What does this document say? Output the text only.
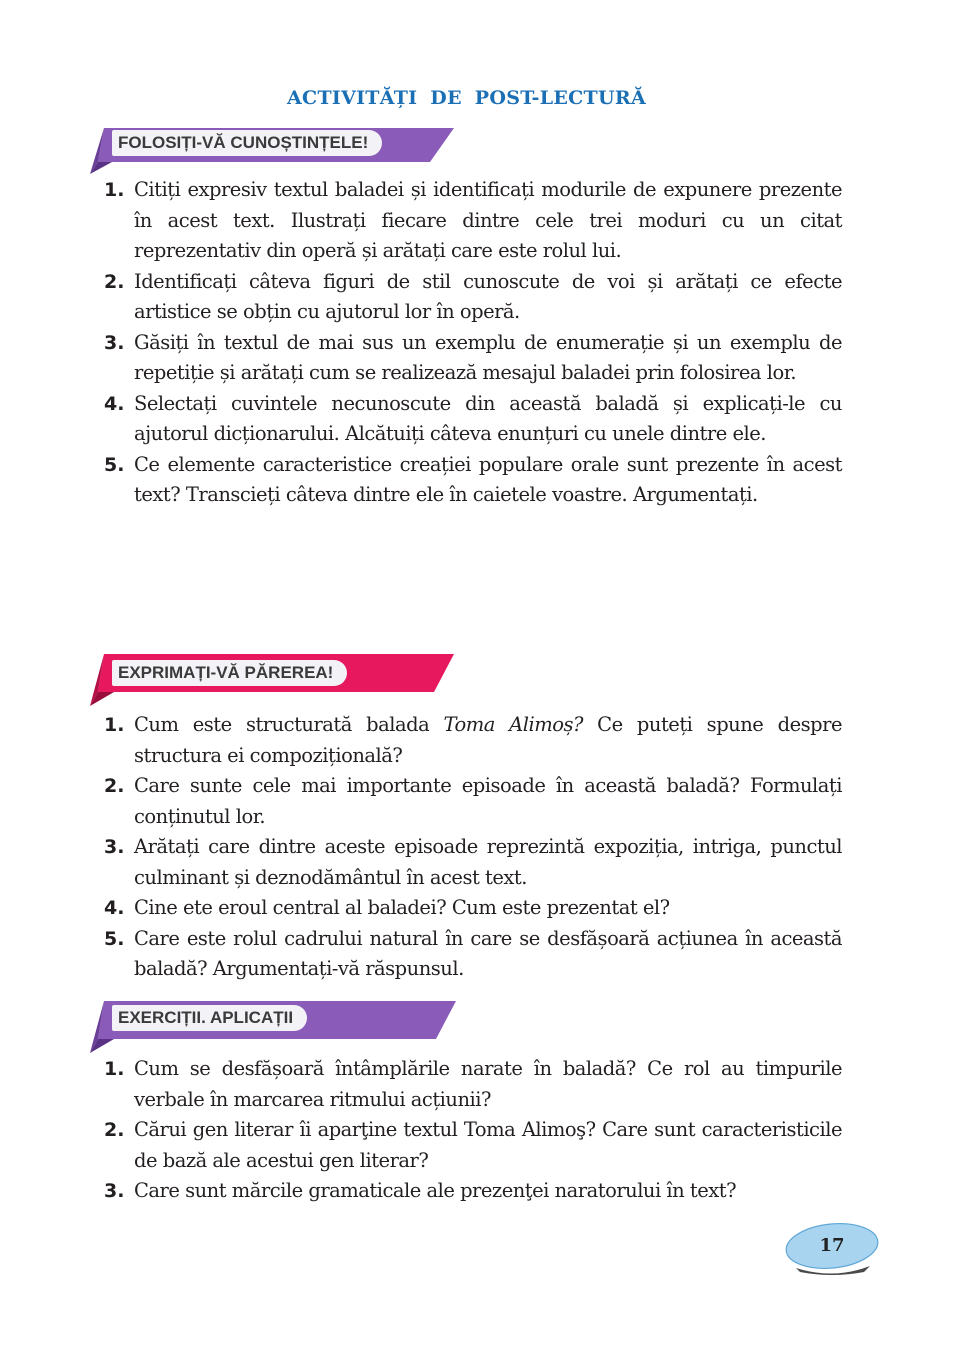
ACTIVITĂȚI DE POST-LECTURĂ
FOLOSIȚI-VĂ CUNOȘTINȚELE!
1. Citiți expresiv textul baladei și identificați modurile de expunere prezente în acest text. Ilustrați fiecare dintre cele trei moduri cu un citat reprezentativ din operă și arătați care este rolul lui.
2. Identificați câteva figuri de stil cunoscute de voi și arătați ce efecte artistice se obțin cu ajutorul lor în operă.
3. Găsiți în textul de mai sus un exemplu de enumerație și un exemplu de repetiție și arătați cum se realizează mesajul baladei prin folosirea lor.
4. Selectați cuvintele necunoscute din această baladă și explicați-le cu ajutorul dicționarului. Alcătuiți câteva enunțuri cu unele dintre ele.
5. Ce elemente caracteristice creației populare orale sunt prezente în acest text? Transcieți câteva dintre ele în caietele voastre. Argumentați.
EXPRIMAȚI-VĂ PĂREREA!
1. Cum este structurată balada Toma Alimoș? Ce puteți spune despre structura ei compozițională?
2. Care sunte cele mai importante episoade în această baladă? Formulați conținutul lor.
3. Arătați care dintre aceste episoade reprezintă expoziția, intriga, punctul culminant și deznodământul în acest text.
4. Cine ete eroul central al baladei? Cum este prezentat el?
5. Care este rolul cadrului natural în care se desfășoară acțiunea în această baladă? Argumentați-vă răspunsul.
EXERCIȚII. APLICAȚII
1. Cum se desfășoară întâmplările narate în baladă? Ce rol au timpurile verbale în marcarea ritmului acțiunii?
2. Cărui gen literar îi aparţine textul Toma Alimoş? Care sunt caracteristicile de bază ale acestui gen literar?
3. Care sunt mărcile gramaticale ale prezenţei naratorului în text?
17
